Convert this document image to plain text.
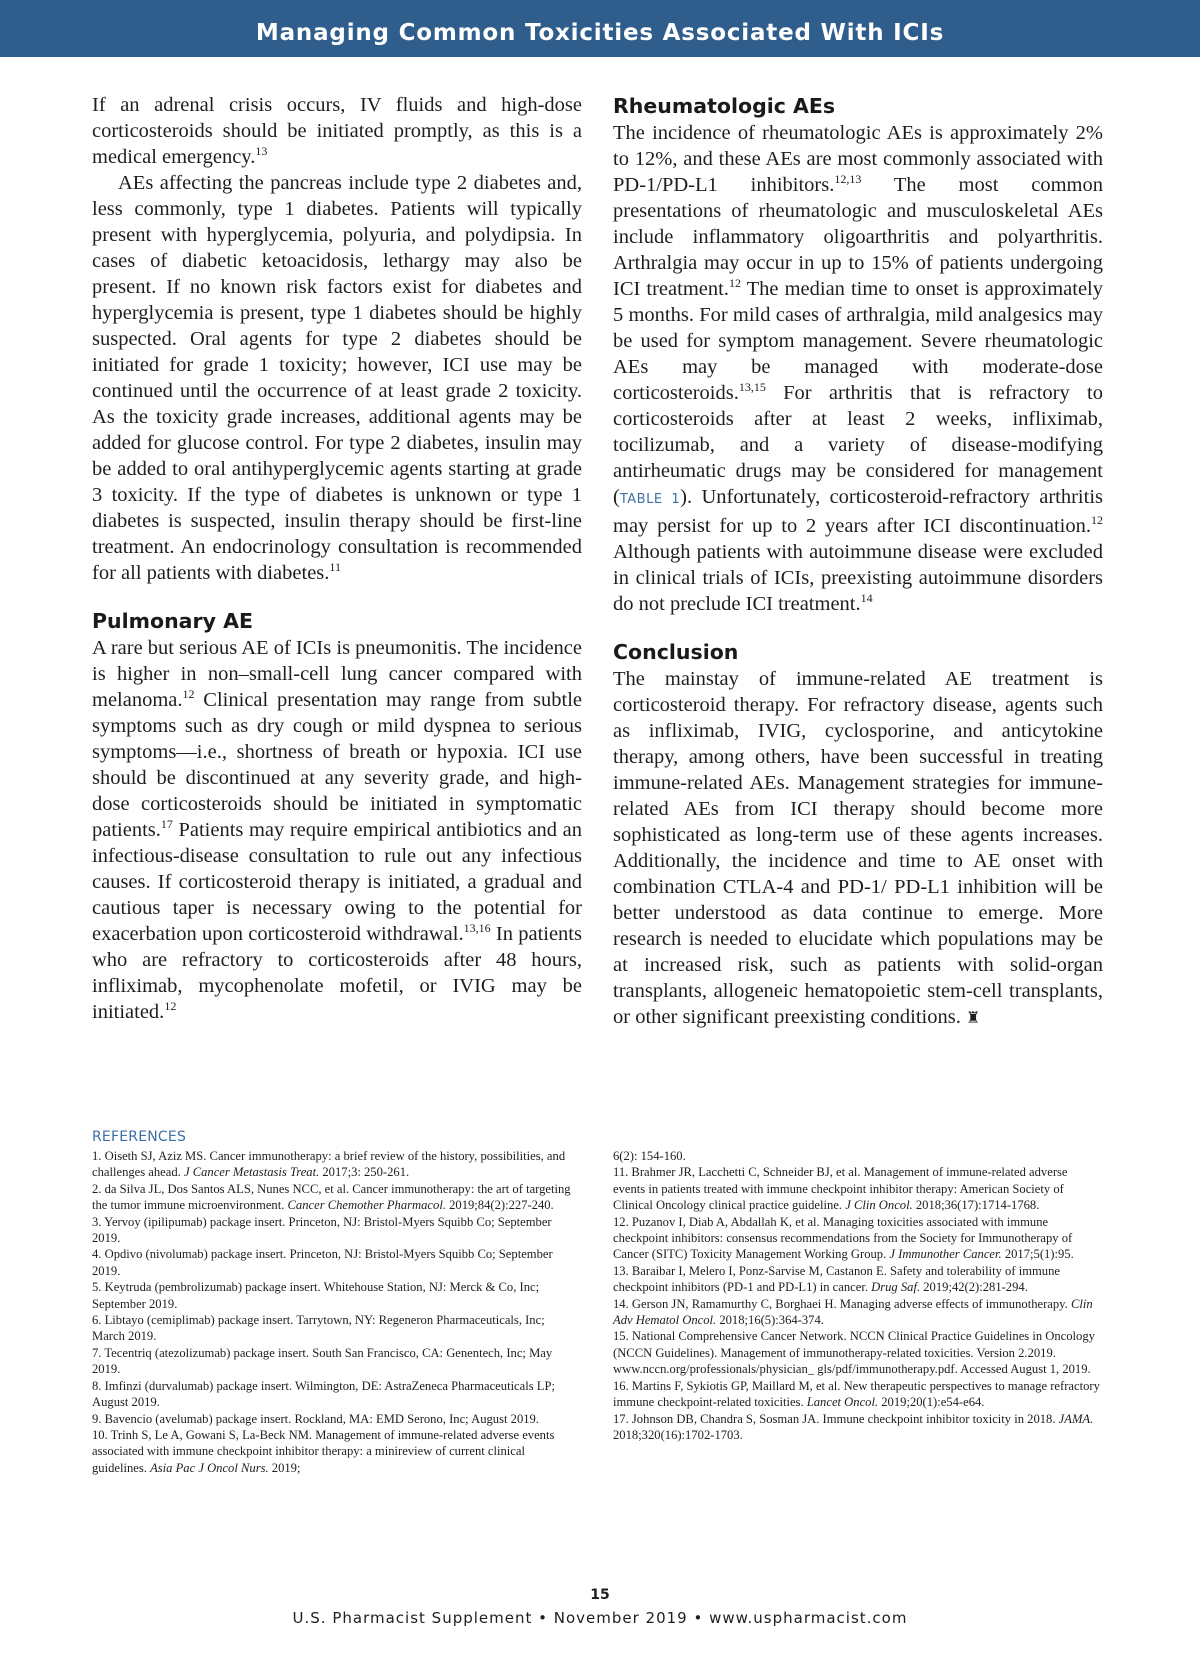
Managing Common Toxicities Associated With ICIs

If an adrenal crisis occurs, IV fluids and high-dose corticosteroids should be initiated promptly, as this is a medical emergency.$^{13}$

AEs affecting the pancreas include type 2 diabetes and, less commonly, type 1 diabetes. Patients will typically present with hyperglycemia, polyuria, and polydipsia. In cases of diabetic ketoacidosis, lethargy may also be present. If no known risk factors exist for diabetes and hyperglycemia is present, type 1 diabetes should be highly suspected. Oral agents for type 2 diabetes should be initiated for grade 1 toxicity; however, ICI use may be continued until the occurrence of at least grade 2 toxicity. As the toxicity grade increases, additional agents may be added for glucose control. For type 2 diabetes, insulin may be added to oral antihyperglycemic agents starting at grade 3 toxicity. If the type of diabetes is unknown or type 1 diabetes is suspected, insulin therapy should be first-line treatment. An endocrinology consultation is recommended for all patients with diabetes.$^{11}$

Pulmonary AE

A rare but serious AE of ICIs is pneumonitis. The incidence is higher in non–small-cell lung cancer compared with melanoma.$^{12}$ Clinical presentation may range from subtle symptoms such as dry cough or mild dyspnea to serious symptoms—i.e., shortness of breath or hypoxia. ICI use should be discontinued at any severity grade, and high-dose corticosteroids should be initiated in symptomatic patients.$^{17}$ Patients may require empirical antibiotics and an infectious-disease consultation to rule out any infectious causes. If corticosteroid therapy is initiated, a gradual and cautious taper is necessary owing to the potential for exacerbation upon corticosteroid withdrawal.$^{13,16}$ In patients who are refractory to corticosteroids after 48 hours, infliximab, mycophenolate mofetil, or IVIG may be initiated.$^{12}$

Rheumatologic AEs

The incidence of rheumatologic AEs is approximately 2% to 12%, and these AEs are most commonly associated with PD-1/PD-L1 inhibitors.$^{12,13}$ The most common presentations of rheumatologic and musculoskeletal AEs include inflammatory oligoarthritis and polyarthritis. Arthralgia may occur in up to 15% of patients undergoing ICI treatment.$^{12}$ The median time to onset is approximately 5 months. For mild cases of arthralgia, mild analgesics may be used for symptom management. Severe rheumatologic AEs may be managed with moderate-dose corticosteroids.$^{13,15}$ For arthritis that is refractory to corticosteroids after at least 2 weeks, infliximab, tocilizumab, and a variety of disease-modifying antirheumatic drugs may be considered for management (TABLE 1). Unfortunately, corticosteroid-refractory arthritis may persist for up to 2 years after ICI discontinuation.$^{12}$ Although patients with autoimmune disease were excluded in clinical trials of ICIs, preexisting autoimmune disorders do not preclude ICI treatment.$^{14}$

Conclusion

The mainstay of immune-related AE treatment is corticosteroid therapy. For refractory disease, agents such as infliximab, IVIG, cyclosporine, and anticytokine therapy, among others, have been successful in treating immune-related AEs. Management strategies for immune-related AEs from ICI therapy should become more sophisticated as long-term use of these agents increases. Additionally, the incidence and time to AE onset with combination CTLA-4 and PD-1/ PD-L1 inhibition will be better understood as data continue to emerge. More research is needed to elucidate which populations may be at increased risk, such as patients with solid-organ transplants, allogeneic hematopoietic stem-cell transplants, or other significant preexisting conditions. ♜

REFERENCES

1. Oiseth SJ, Aziz MS. Cancer immunotherapy: a brief review of the history, possibilities, and challenges ahead. J Cancer Metastasis Treat. 2017;3: 250-261.

2. da Silva JL, Dos Santos ALS, Nunes NCC, et al. Cancer immunotherapy: the art of targeting the tumor immune microenvironment. Cancer Chemother Pharmacol. 2019;84(2):227-240.

3. Yervoy (ipilipumab) package insert. Princeton, NJ: Bristol-Myers Squibb Co; September 2019.

4. Opdivo (nivolumab) package insert. Princeton, NJ: Bristol-Myers Squibb Co; September 2019.

5. Keytruda (pembrolizumab) package insert. Whitehouse Station, NJ: Merck & Co, Inc; September 2019.

6. Libtayo (cemiplimab) package insert. Tarrytown, NY: Regeneron Pharmaceuticals, Inc; March 2019.

7. Tecentriq (atezolizumab) package insert. South San Francisco, CA: Genentech, Inc; May 2019.

8. Imfinzi (durvalumab) package insert. Wilmington, DE: AstraZeneca Pharmaceuticals LP; August 2019.

9. Bavencio (avelumab) package insert. Rockland, MA: EMD Serono, Inc; August 2019.

10. Trinh S, Le A, Gowani S, La-Beck NM. Management of immune-related adverse events associated with immune checkpoint inhibitor therapy: a minireview of current clinical guidelines. Asia Pac J Oncol Nurs. 2019;

6(2): 154-160.

11. Brahmer JR, Lacchetti C, Schneider BJ, et al. Management of immune-related adverse events in patients treated with immune checkpoint inhibitor therapy: American Society of Clinical Oncology clinical practice guideline. J Clin Oncol. 2018;36(17):1714-1768.

12. Puzanov I, Diab A, Abdallah K, et al. Managing toxicities associated with immune checkpoint inhibitors: consensus recommendations from the Society for Immunotherapy of Cancer (SITC) Toxicity Management Working Group. J Immunother Cancer. 2017;5(1):95.

13. Baraibar I, Melero I, Ponz-Sarvise M, Castanon E. Safety and tolerability of immune checkpoint inhibitors (PD-1 and PD-L1) in cancer. Drug Saf. 2019;42(2):281-294.

14. Gerson JN, Ramamurthy C, Borghaei H. Managing adverse effects of immunotherapy. Clin Adv Hematol Oncol. 2018;16(5):364-374.

15. National Comprehensive Cancer Network. NCCN Clinical Practice Guidelines in Oncology (NCCN Guidelines). Management of immunotherapy-related toxicities. Version 2.2019. www.nccn.org/professionals/physician_ gls/pdf/immunotherapy.pdf. Accessed August 1, 2019.

16. Martins F, Sykiotis GP, Maillard M, et al. New therapeutic perspectives to manage refractory immune checkpoint-related toxicities. Lancet Oncol. 2019;20(1):e54-e64.

17. Johnson DB, Chandra S, Sosman JA. Immune checkpoint inhibitor toxicity in 2018. JAMA. 2018;320(16):1702-1703.

15
U.S. Pharmacist Supplement • November 2019 • www.uspharmacist.com
